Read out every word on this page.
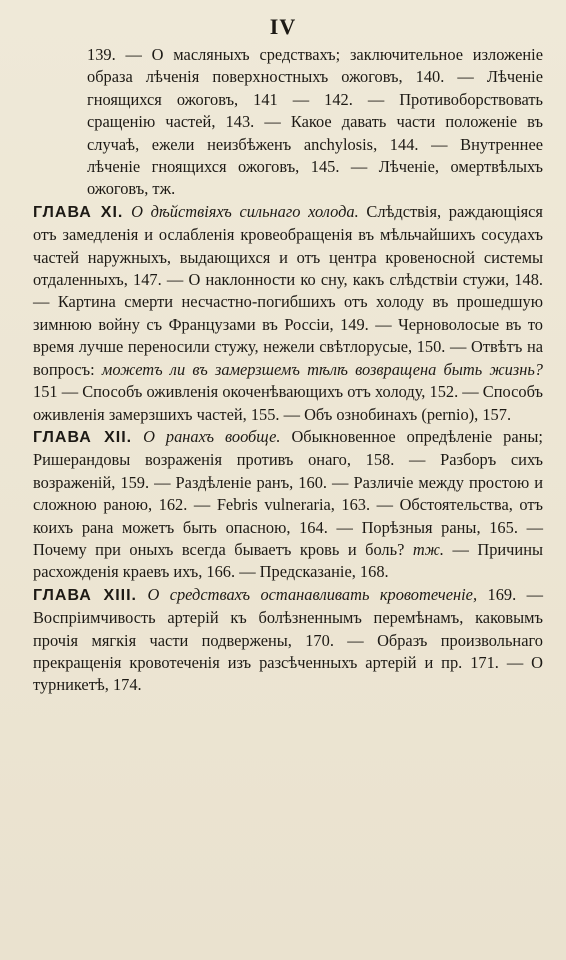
IV

139. — О масляныхъ средствахъ; заключительное изложеніе образа лѣченія поверхностныхъ ожоговъ, 140. — Лѣченіе гноящихся ожоговъ, 141 — 142. — Противоборствовать сращенію частей, 143. — Какое давать части положеніе въ случаѣ, ежели неизбѣженъ anchylosis, 144. — Внутреннее лѣченіе гноящихся ожоговъ, 145. — Лѣченіе, омертвѣлыхъ ожоговъ, тж.

ГЛАВА XI. О дѣйствіяхъ сильнаго холода. Слѣдствія, раждающіяся отъ замедленія и ослабленія кровеобращенія въ мѣльчайшихъ сосудахъ частей наружныхъ, выдающихся и отъ центра кровеносной системы отдаленныхъ, 147. — О наклонности ко сну, какъ слѣдствіи стужи, 148. — Картина смерти несчастно-погибшихъ отъ холоду въ прошедшую зимнюю войну съ Французами въ Россіи, 149. — Черноволосые въ то время лучше переносили стужу, нежели свѣтлорусые, 150. — Отвѣтъ на вопросъ: можетъ ли въ замерзшемъ тѣлѣ возвращена быть жизнь? 151 — Способъ оживленія окоченѣвающихъ отъ холоду, 152. — Способъ оживленія замерзшихъ частей, 155. — Объ ознобинахъ (perniо), 157.

ГЛАВА XII. О ранахъ вообще. Обыкновенное опредѣленіе раны; Ришерандовы возраженія противъ онаго, 158. — Разборъ сихъ возраженій, 159. — Раздѣленіе ранъ, 160. — Различіе между простою и сложною раною, 162. — Febris vulneraria, 163. — Обстоятельства, отъ коихъ рана можетъ быть опасною, 164. — Порѣзныя раны, 165. — Почему при оныхъ всегда бываетъ кровь и боль? тж. — Причины расхожденія краевъ ихъ, 166. — Предсказаніе, 168.

ГЛАВА XIII. О средствахъ останавливать кровотеченіе, 169. — Воспріимчивость артерій къ болѣзненнымъ перемѣнамъ, каковымъ прочія мягкія части подвержены, 170. — Образъ произвольнаго прекращенія кровотеченія изъ разсѣченныхъ артерій и пр. 171. — О турникетѣ, 174.
